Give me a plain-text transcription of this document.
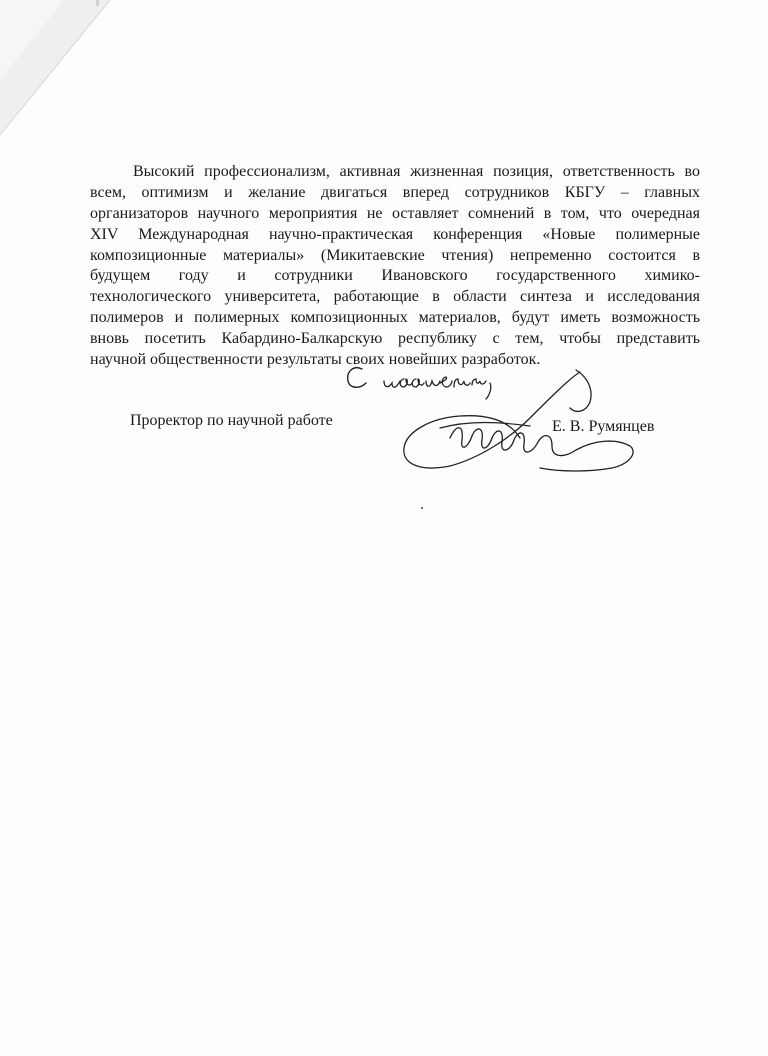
Высокий профессионализм, активная жизненная позиция, ответственность во
всем, оптимизм и желание двигаться вперед сотрудников КБГУ – главных
организаторов научного мероприятия не оставляет сомнений в том, что очередная
XIV Международная научно-практическая конференция «Новые полимерные
композиционные материалы» (Микитаевские чтения) непременно состоится в
будущем году и сотрудники Ивановского государственного химико-
технологического университета, работающие в области синтеза и исследования
полимеров и полимерных композиционных материалов, будут иметь возможность
вновь посетить Кабардино-Балкарскую республику с тем, чтобы представить
научной общественности результаты своих новейших разработок.
Проректор по научной работе	Е. В. Румянцев
